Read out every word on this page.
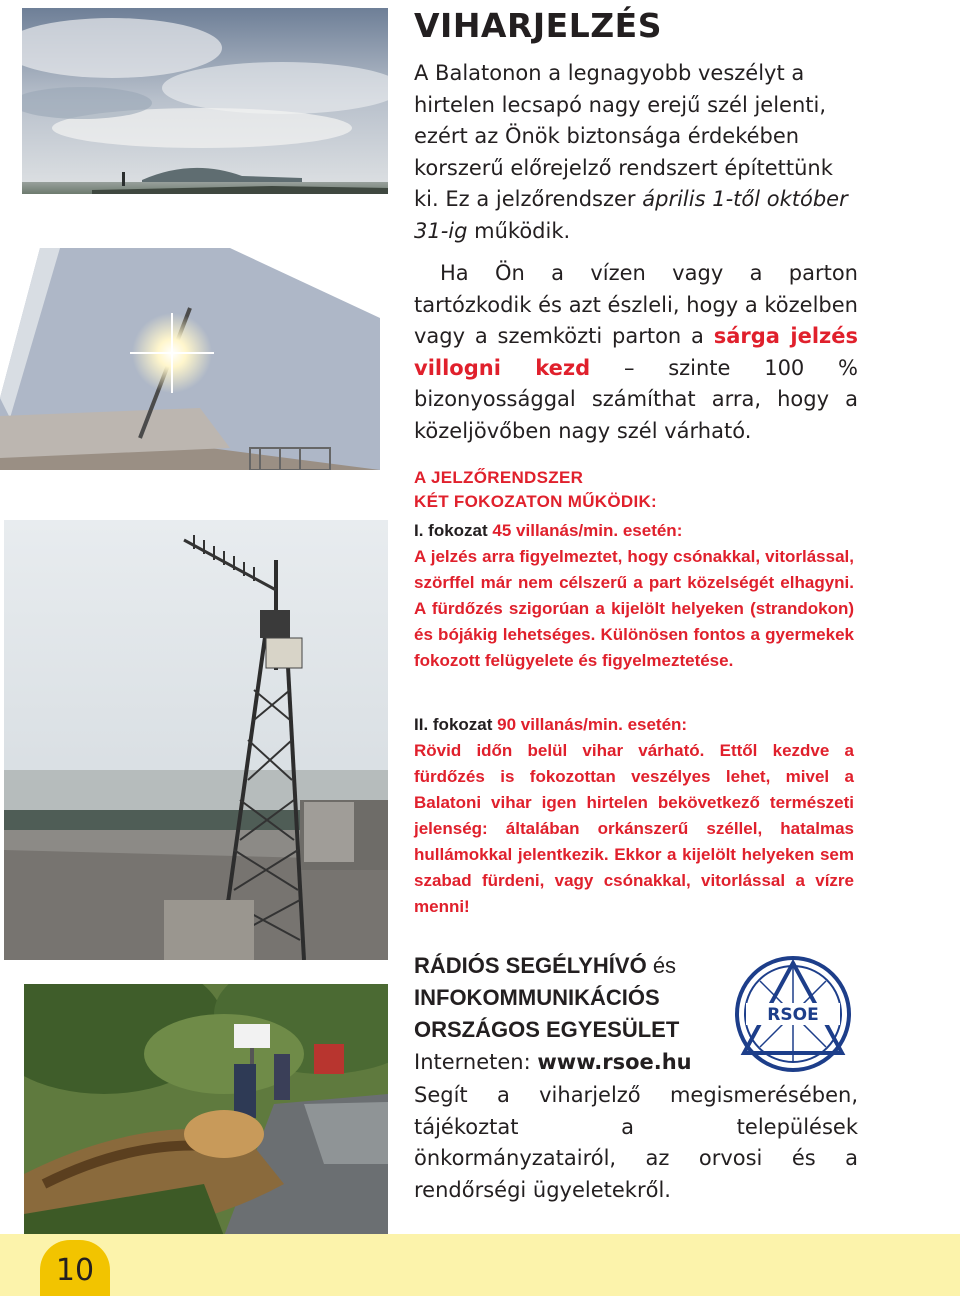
10
VIHARJELZÉS

A Balatonon a legnagyobb veszélyt a hirtelen lecsapó nagy erejű szél jelenti, ezért az Önök biztonsága érdekében korszerű előrejelző rendszert építettünk ki. Ez a jelzőrendszer április 1-től október 31-ig működik.

Ha Ön a vízen vagy a parton tartózkodik és azt észleli, hogy a közelben vagy a szemközti parton a sárga jelzés villogni kezd – szinte 100 % bizonyossággal számíthat arra, hogy a közeljövőben nagy szél várható.

A JELZŐRENDSZER
KÉT FOKOZATON MŰKÖDIK:

I. fokozat 45 villanás/min. esetén:
A jelzés arra figyelmeztet, hogy csónakkal, vitorlással, szörffel már nem célszerű a part közelségét elhagyni. A fürdőzés szigorúan a kijelölt helyeken (strandokon) és bójákig lehetséges. Különösen fontos a gyermekek fokozott felügyelete és figyelmeztetése.

II. fokozat 90 villanás/min. esetén:
Rövid időn belül vihar várható. Ettől kezdve a fürdőzés is fokozottan veszélyes lehet, mivel a Balatoni vihar igen hirtelen bekövetkező természeti jelenség: általában orkánszerű széllel, hatalmas hullámokkal jelentkezik. Ekkor a kijelölt helyeken sem szabad fürdeni, vagy csónakkal, vitorlással a vízre menni!

RÁDIÓS SEGÉLYHÍVÓ és
INFOKOMMUNIKÁCIÓS
ORSZÁGOS EGYESÜLET

Interneten: www.rsoe.hu

Segít a viharjelző megismerésében, tájékoztat a települések önkormányzatairól, az orvosi és a rendőrségi ügyeletekről.

RSOE
